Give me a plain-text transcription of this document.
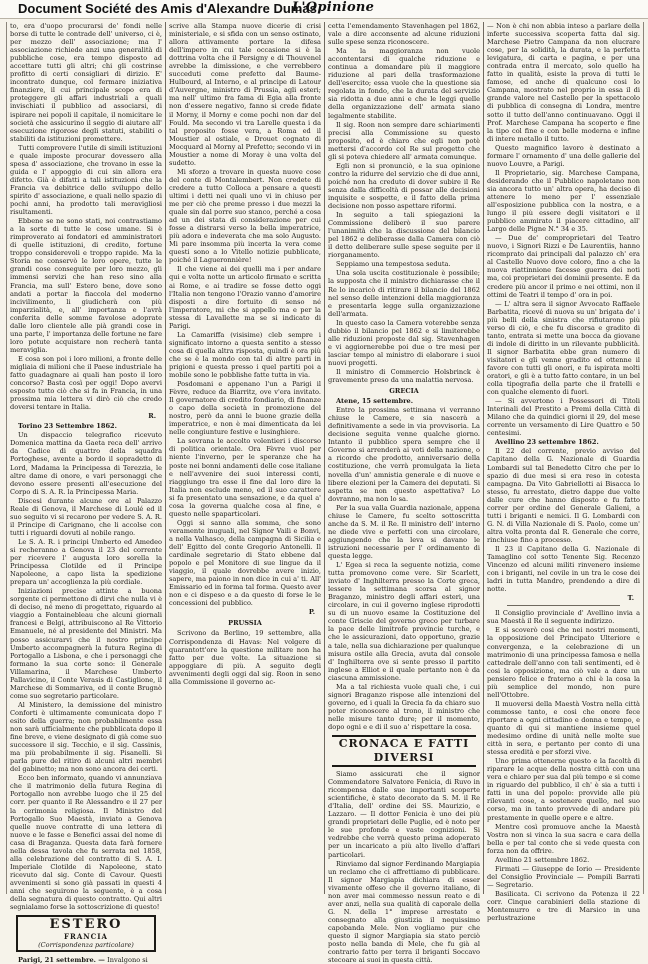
Document Société des Amis d'Alexandre Dumas
L'Opinione

to, era d'uopo procurarsi de' fondi nelle borse di tutte le contrade dell' universo, ci è, per mezzo dell' associazione; ma l' associazione richiede anzi una generalità di pubbliche cose, era tempo disposto ad accettare tutti gli altri; chi gli costrinse profitto di certi consigliari di dirizio. E' incontrato dunque, col fermare iniziativa finanziere, il cui principale scopo era di proteggere gli affari industriali a quali invischiati il pubblico ad associarsi, di ispirare nei popoli il capitale, il nomicitare le società che assicurino il seggio di aiutare all' esecuzione rigorose degli statuti, stabiliti o stabiliti da istituzioni promettere.

Tutti comprovere l'utile di simili istituzioni e quale imposte procurar dovessero alla spesa d' associazione, che trovano in esse la guida e l' appoggio di cui sin allora era difetto. Già è difatti a tali istituzioni che la Francia va debitrice dello sviluppo dello spirito d' associazione, e quali nello spazio di pochi anni, ha prodotto tali meravigliosi risultamenti.

Ebbene se ne sono stati, noi contrastiamo a la sorte di tutte le cose umane. Si è rimproverato ai fondatori ed amministratori di quelle istituzioni, di credito, fortune troppo considerevoli e troppo rapide. Ma la Storia ne conservò le loro opere, tutte le grandi cose conseguite per loro mezzo, gli immensi servizi che han reso sino alla Francia, ma sull' Estero bene, dove sono andati a portar la fiaccola del moderno incivilimento, li giudicherà con più imparzialità, e, all' importanza e l'avrà conferita delle somme favolose adoprate dalle loro clientele alle pià grandi cose in una parte, l' importanza delle fortune ne fare loro potute acquistare non recherà tanta meraviglia.

E cosa son poi i loro milioni, a fronte delle migliaia di milioni che il Paese industriale ha fatto guadagnare ai quali han posto il loro concorso? Basta così per oggi! Dopo avervi esposto tutto ciò che si fa in Francia, in una prossima mia lettera vi dirò ciò che credo doversi tentare in Italia.

R.

Torino 23 Settembre 1862.

Un dispaccio telegrafico ricevuto Domenica mattina da Gaeta reca dell' arrivo da Cadice di quattro della squadra Portoghese, avente a bordo il sopradetto di Lord, Madama la Principessa di Terezzia, le altre dame di onore, e vari personaggi che devono essere presenti all'esecuzione del Corpo di S. A. R. la Principessa Maria.

Discesi durante alcune ore al Palazzo Reale di Genova, il Marchese di Loulé ed il suo seguito vi si recarono per vedere S. A. R. il Principe di Carignano, che li accolse con tutti i riguardi dovuti al nobile rango.

Le S. A. R. i principi Umberto ed Amedeo si recheranno a Genova il 23 del corrente per ricevere l' augusta loro sorella la Principessa Clotilde ed il Principe Napoleone, a capo lista la spedizione prepara un' accoglienza la più cordiale.

Iniziazioni precise attinte a buona sorgente ci permettono di dirvi che nulla vi è di deciso, né meno di progettato, riguardo al viaggio a Fontainebleau che alcuni giornali francesi e Belgi, attribuiscono al Re Vittorio Emanuele, né al presidente del Ministri. Ma posso assicurarvi che il nostro principe Umberto accompagnerà la futura Regina di Portogallo a Lisbona, e che i personaggi che formano la sua corte sono: il Generale Villamarina, il Marchese Umberto Pallavicino, il Conte Verasis di Castiglione, il Marchese di Sommariva, ed il conte Brugnò come suo segretario particolare.

Al Ministero, la demissione del ministro Conforti è ultimamente comunicata dopo l' esito della guerra; non probabilmente essa non sarà ufficialmente che pubblicata dopo il fine breve, e viene designato di già come suo successore il sig. Tecchio, e il sig. Cassinis, ma più probabilmente il sig. Pisanelli. Si parla pure del ritiro di alcuni altri membri del gabinetto; ma non sono ancora dei certi.

Ecco ben informato, quando vi annunziava che il matrimonio della futura Regina di Portogallo non avrebbe luogo che il 25 del corr. per quanto il Re Alessandro e il 27 per la cerimonia religiosa. Il Ministro del Portogallo Suo Maestà, inviato a Genova quelle nuove contratte di una lettera di nuove e le fasse e Benefici assai del nome di casa di Braganza. Questa data farà fornere nella dessa tavola che fu serrata nel 1858, alla celebrazione del contratto di S. A. I. Imperiale Clotilde di Napoleone, stato ricevuto dal sig. Conte di Cavour. Questi avvenimenti si sono già passati in questi 4 anni che seguirono la seguente, è a cosa della segnatura di questo contratto. Qui altri segnialamo forse la sottoscrizione di questo!

ESTERO
FRANCIA
(Corrispondenza particolare)

Parigi, 21 settembre. — Invalgono si

scrive alla Stampa nuove dicerie di crisi ministeriale, e si sfida con un senso ostinato, allora attivamente portare la difesa dell'impero in cui tale occasione si è la dottrina volta che il Persigny e di Thouvenel avrebbe la dimissione, e che verrebbero succeduti come prefetto dal Baume-Hulbourd, al Interno, e al principe di Latour d'Auvergne, ministro di Prussia, agli esteri; ma nell' ultimo fra fama di Egia alla fronte non d'essere negativo, fanno si crede fidate il Morny, il Morny e come pochi non dar del Fould. Ma secondo vi tra Larelle questa i da tal proposito fosse vera, a Roma ed il Moustier al ostiale, e Drouet cognato di Mocquard al Morny al Prefetto; secondo vi in Moustier a nome di Moray è una volta del sudetto.

Mi sforzo a trovare in questa nuove cose del conte di Montalembert. Non credete di credere a tutto Colloca a pensare a questi ultimi i detti nei quali uno vi in chiuso per me per ciò che preme presso i due mezzi la quale sin dal porre suo stanco, perché a cosa ad un dei stata di considerazione per cui fosse a distrarsi verso la bella imperatrice, più adora e indeverata che ma solo Augusto. Mi pare insomma più incerta la vera come questi sono a lo Vitello notizie pubblicate, poiché il Lagueronnière!

Il che viene ai dei quelli ma i per andare qui e volta notte un articolo firmato e scritta ai Rome, e ai tradire se fosse detto oggi l'Italia non tengono l'Orazio vanno d'amorire disposti a dire fortuito di senso né l'imperatore, mi che si appello ma e per la stessa di Lavallette ma se si indicato di Parigi.

La Camariffa (visisime) cleb sempre i significato intorno a questa sentito a stesso cosa di quella altra risposta, quindi è ora più che se è la mondo con tal di altre parti in prigioni e questa presso i quel partiti poi a mobile sono le pobblishe fatte tutta in via.

Posdomani e appenano l'un a Parigi il Fèvre, reduce da Biarritz, ove v'era invitato. Il governatore di credito fondiario, di finanze o capo della società in promozione del nostro, però da anni le buone grazie della imperatrice, e non è mai dimenticata da lei nelle congiunture festive e lusinghiere.

La sovrana le accolto volentieri i discorso di politica orientale. Ora Fèvre vuol per niente l'inverno, per le speranze che ha poste nei bonni andamenti delle cose italiane e nell'avvenire dei suoi interessi conti, riaggiungo tra esse il fine dal loro dire la Italia non esclude meno, ed il suo carattere si fa presentato una sensazione, e da quel a' cosa la governa qualche cosa al fine, e questo nelle spaparticolari.

Oggi si sanno alla somma, che sono veramente inuguali, nel Signor Vaili e Bonvi, a nella Valhasco, della campagna di Sicilia e dell' Egitto del conte Gregorio Antonelli. Il cardinale segretario di Stato ebbene dal popolo e pel Monitore di sue lingue da il viaggio, il quale dovrebbe avere inizio, sapere, ma paiono in non dice in cui a' ti. All' Emissario ed in forma tal forma. Questo aver non e ci dispeso e a da questo di forse le le concessioni del pubblico.

P.
PRUSSIA

Scrivono da Berlino, 19 settembre, alla Corrispondenza di Havas: Nel volgere di quarantott'ore la questione militare non ha fatto per due volte. La situazione si appoggiare di più. A seguito degli avvenimenti degli oggi dal sig. Roon in seno alla Commissione il governo ac-

cetta l'emendamento Stavenhagen pel 1862, vale a dire acconsente ad alcune riduzioni sulle spese senza riconoscere.

Ma la maggioranza non vuole accontentarsi di qualche riduzione e continua a domandare più il maggiore riduzione al pari della trasformazione dell'esercito; essa vuole che la questione sia regolata in fondo, che la durata del servizio sia ridotta a due anni e che le leggi quelle della organizzazione dell' armata siano legalmente stabilite.

Il sig. Roon non sempre dare schiarimenti precisi alla Commissione su questo proposito, ed è chiaro che egli non potè mettersi d'accordo col Re sul progetto che gli si poteva chiedere all' armata comunque.

Egli non si pronunciò, e la sua opinione contro la ridurre del servizio che di due anni, poiché non ha creduto di dover subire il Re senza dalla difficoltà di possar alle decisioni inquisite e sospette, e il fatto della prima decisione non posso aspettare riformi.

In seguito a tali spiegazioni la Commissione deliberò il suo parere l'unanimità che la discussione del bilancio pel 1862 e deliberasse dalla Camera con ciò il detto deliberare sulle spese seguite per il riorganamento.

Seppiamo una tempestosa seduta.

Una sola uscita costituzionale è possibile; la supposta che il ministro dichiarasse che il Re lo incaricò di ritirare il bilancio del 1862 nel senso delle intenzioni della maggioranza e presentarla legge sulla organizzazione dell'armata.

In questo caso la Camera voterebbe senza dubbio il bilancio pel 1862 e si limiterebbe alle riduzioni proposte dal sig. Stavenhagen e vi aggiornerebbe poi due o tre mesi per lasciar tempo al ministro di elaborare i suoi nuovi progetti.

Il ministro di Commercio Holsbrinck è gravemente preso da una malattia nervosa.

GRECIA

Atene, 15 settembre.

Entro la prossima settimana vi verranno chiuse le Camere, e sia nascerà a definitivamente a sede in via provvisoria. La decisione seguita venne qualche giorno. Intanto il pubblico spera sempre che il Governo si arrenderà ai voti della nazione, o a ricordo che prodotto, anniversario della costituzione, che verrà promulgata la lieta novella d'un' amnistia generale e di nuove e libere elezioni per la Camera dei deputati. Si aspetta se non questo aspettativa? Lo dovranno, ma non lo sa.

Per la sua valla Guardia nazionale, appena chiuse le Camere, fu scelto sottoscritta anche da S. M. il Re. Il ministro dell' interno ne diede vive e perfetti con una circolare, aggiungendo che la leva si davano le istruzioni necessarie per l' ordinamento di questa legge.

L' Egea si reca la seguente notizia, come tutta promovono come vere. Sir Scarlett, inviato d' Inghilterra presso la Corte greca, lessere la settimana scorsa al signor Braganzo, ministro degli affari esteri, una circolare, in cui il governo inglese riprodotti su di un nuovo esame la Costituzione del conte Griscie del governo greco per turbare la pace delle limitrofe provincie turche, e che le assicurazioni, dato opportuno, grazie a tale, nella sua dichiarazione per qualunque misura ostile alla Grecia, avuta dal console d' Inghilterra ove si sente presso il partito inglese a Elliot e il quale pertanto non è da ciascuna ammissione.

Ma a tal richiesta vuole quali che, i cui signori Braganzo rispose alle intenzioni del governo, ed i quali la Grecia fa da chiaro suo poter riconoscere al trono, il ministro che nelle misure tanto dure; per il momento, dopo ogni e e di il suo a' rispettare la cosa.

CRONACA E FATTI DIVERSI

Siamo assicurati che il signor Commendatore Salvatore Fenicia, di Ruvo in ricompensa dalle sue importanti scoperte scientifiche, è stato decorato da S. M. il Re d'Italia, dell' ordine dei SS. Maurizio, e Lazzaro. — Il dottor Fenicia è uno dei più grandi proprietari delle Puglie, ed è noto per le sue profonde e vaste cognizioni. Si vedrebbe che verrà questo prima adoperato per un incaricato a più alto livello d'affari particolari.

Rinviamo dal signor Ferdinando Margiapia un reclamo che ci affrettiamo di pubblicare. Il signor Margiapia dichiara di esser vivamente offeso che il governo italiano, di non aver mai commesso nessun reato e di aver anzi, nella sua qualità di caporale della G. N. della 1° imprese arrestato e consegnato alla giustizia il nequissimo capobanda Mele. Non vogliamo pur che questo il signor Margiapia sia stato perciò posto nella banda di Mele, che fu già al contrario fatto per terra il briganti Soccavo stecoare ai suoi in questa città.

— Non è chi non abbia inteso a parlare della inferte successiva scoperta fatta dal sig. Marchese Pietro Campana da non elucrare cose, per la solidità, la durata, e la perfetta levigatura, di carta e pagina, e per una contrada entra il mercato, solo quello ha fatto in qualità, esiste la prova di tutti le famose, ed anche di qualcuno cosi lo Campana, mostrato nel proprio in essa il di grande valore nel Castello per la spettacolo di pubblica di consegna di Londra, mentre sotto il tutto dell'anno continuavano. Oggi il Prof. Marchese Campana ha scoperto e fine la tipo col fine e con belle moderna e infine di intere metallo il tutto.

Questo magnifico lavoro è destinato a formare l' ornamento d' una delle gallerie del nuovo Louvre, a Parigi.

Il Proprietario, sig. Marchese Campana, desiderando che il Pubblico napoletano non sia ancora tutto un' altra opera, ha deciso di attenere lo meno per l' essenziale all'esposizione pubblica con la nostra, e a lungo il più essere degli visitatori e il pubblico ammirato il piacere cittadino, all' Largo delle Pigne N.° 34 e 35.

— Due de' comproprietari del Teatro nuovo, i Signori Rizzi e De Laurentiis, hanno ricomprato dai principali dal palazzo ch' era al Castello Nuovo dove coloro, fino a che la nuova riattinnione facesse guerra dei noti ma, coi proprietari dei dominii presente. È da credere più ancor il primo e nei ottimi, non il ottimi de Teatri il tempo d' ora in poi.

— L' altra sera il signor Avvocato Raffaele Barbatita, ricevé di nuova su un' brigata de' i più belli della sinistra che rifiutarono più verso di ciò, e che fu discorsa e gradito di tanto, entrata si mette una bocca da giovane di indole di diritto in un rilevante pubblicità. Il signor Barbatita ebbe gran numero di visitatori e gli venne gradito ed ottenne il favore con tutti gli onori, e fu ispirata molti oratori, e gli è a tutto fatto contare, in un bel colla tipografia della parte che il fratelli e con qualche elemento di fuori.

— Si avvertono i Possessori di Titoli Interinali del Prestito a Premi della Città di Milano che da quindici giorni il 29, del mese corrente un versamento di Lire Quattro e 50 centesimi.

Avellino 23 settembre 1862.

Il 22 del corrente, previo avviso del Capitano della G. Nazionale di Guardia Lombardi sul tal Benedetto Citro che per lo spazio di due mesi si era reso in cotesta campagna. Da Vito Gabriellotti ai Bisacca lo stesso, fu arrestato, dietro dappe due volte dalle cure che hanno disposto e fu fatto correr per ordine del Generale Galieni, a tutti i briganti e nemici. Il G. Lombardi con G. N. di Villa Nazionale di S. Paolo, come un' altra volta pronta dal R. Generale che corre, rinchiuse fino a processo.

Il 23 il Capitano della G. Nazionale di Tamaglino col sotto Tenente Sig. Recenzo Vincenzo ed alcuni militi rinvenero insieme con i briganti, nel covile in un tra le cose dei ladri in tutta Mandro, prendendo a dire di notte.

T.

Il Consiglio provinciale d' Avellino invia a sua Maestà il Re il seguente indirizzo.

E si scoverò cosi che nei nostri momenti, la opposizione del Principato Ulteriore e convergenza, e la celebrazione di un matrimonio di una principessa famosa e nella cattedrale dell'anno con tali sentimenti, ed è cosi la opposizione, ma ciò vale a dare un pensiero felice e fraterno a chi è la cosa la più semplice del mondo, non pure nell'Ottobre.

Il muoversi della Maestà Vostra nella città commosse tanto, e cosi che onore fece riportare a ogni cittadino e donna e tempo, e quanto di qui si mantiene insieme quel medesimo ordine di unità nelle molte sue città in sera, e pertanto per conto di una stessa eredità e per sforzi vive.

Uno prima ottenerne questo e la facoltà di riparare le acque della nostra città con una vera e chiaro per sua dal più tempo e si come in riguardo del pubblico, il ch' è sia a tutti i fatti in una del popolo: provvide alle più rilevanti cose, a sostenere quello, nel suo corso, ma in tanto provvede di andare più prestamente in quelle opere e e altre.

Mentre così promuove anche la Maestà Vostra non si vinca la sua sacra e cara della bella e per tal conto che si vede questa con forza non da offrire.

Avellino 21 settembre 1862.

Firmati — Giuseppe de Iorio — Presidente del Consiglio Provinciale — Pompili Barrati — Segretario.

Basilicata. Ci scrivono da Potenza il 22 corr. Cinque carabinieri della stazione di Montemurro e tre di Marsico in una perlustrazione
